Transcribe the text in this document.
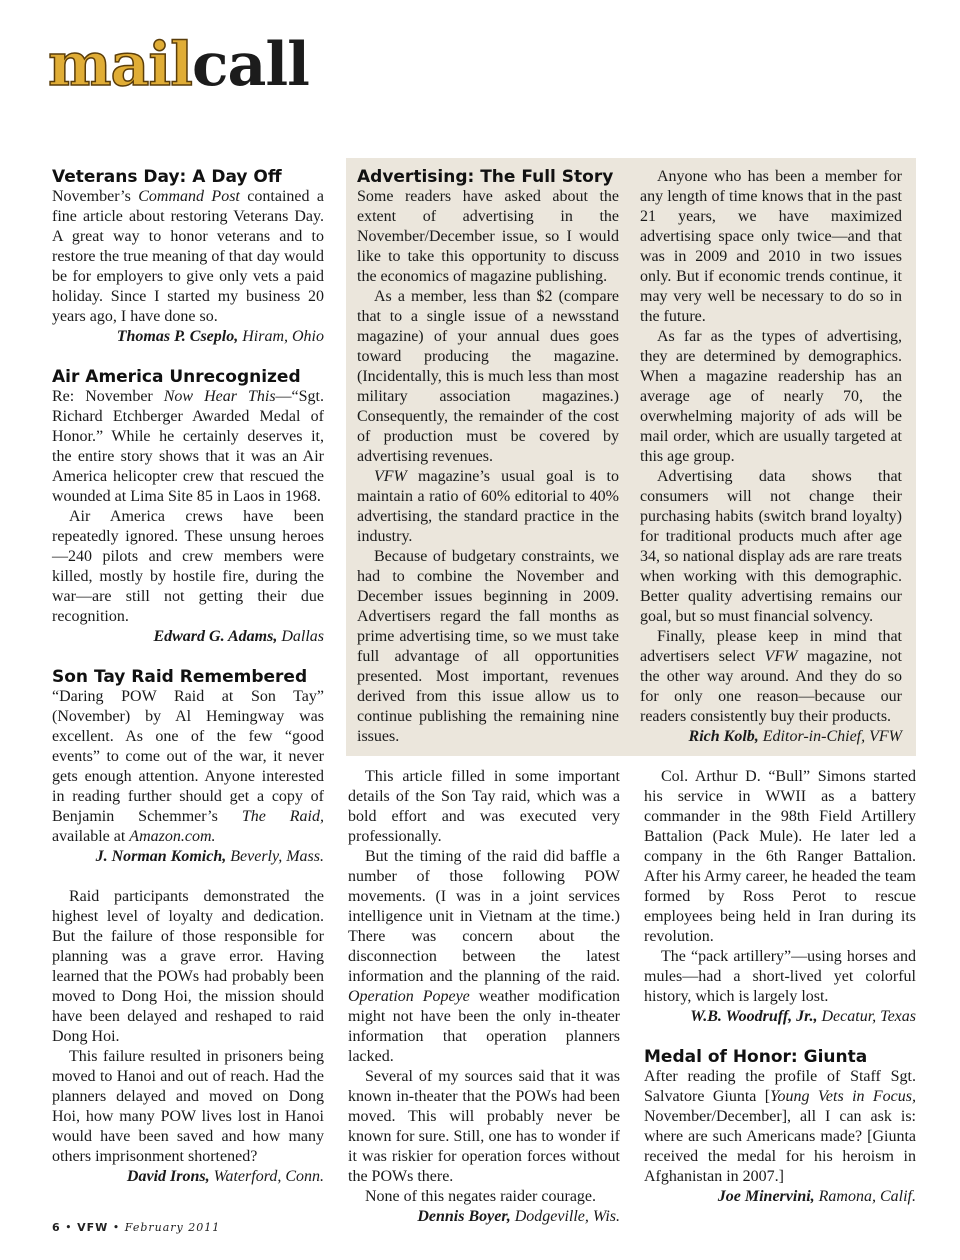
mailcall
Veterans Day: A Day Off

November’s Command Post contained a fine article about restoring Veterans Day. A great way to honor veterans and to restore the true meaning of that day would be for employers to give only vets a paid holiday. Since I started my business 20 years ago, I have done so.

Thomas P. Cseplo, Hiram, Ohio

Air America Unrecognized

Re: November Now Hear This—“Sgt. Richard Etchberger Awarded Medal of Honor.” While he certainly deserves it, the entire story shows that it was an Air America helicopter crew that rescued the wounded at Lima Site 85 in Laos in 1968.

Air America crews have been repeatedly ignored. These unsung heroes—240 pilots and crew members were killed, mostly by hostile fire, during the war—are still not getting their due recognition.

Edward G. Adams, Dallas

Son Tay Raid Remembered

“Daring POW Raid at Son Tay” (November) by Al Hemingway was excellent. As one of the few “good events” to come out of the war, it never gets enough attention. Anyone interested in reading further should get a copy of Benjamin Schemmer’s The Raid, available at Amazon.com.

J. Norman Komich, Beverly, Mass.

Raid participants demonstrated the highest level of loyalty and dedication. But the failure of those responsible for planning was a grave error. Having learned that the POWs had probably been moved to Dong Hoi, the mission should have been delayed and reshaped to raid Dong Hoi.

This failure resulted in prisoners being moved to Hanoi and out of reach. Had the planners delayed and moved on Dong Hoi, how many POW lives lost in Hanoi would have been saved and how many others imprisonment shortened?

David Irons, Waterford, Conn.

Advertising: The Full Story

Some readers have asked about the extent of advertising in the November/December issue, so I would like to take this opportunity to discuss the economics of magazine publishing.

As a member, less than $2 (compare that to a single issue of a newsstand magazine) of your annual dues goes toward producing the magazine. (Incidentally, this is much less than most military association magazines.) Consequently, the remainder of the cost of production must be covered by advertising revenues.

VFW magazine’s usual goal is to maintain a ratio of 60% editorial to 40% advertising, the standard practice in the industry.

Because of budgetary constraints, we had to combine the November and December issues beginning in 2009. Advertisers regard the fall months as prime advertising time, so we must take full advantage of all opportunities presented. Most important, revenues derived from this issue allow us to continue publishing the remaining nine issues.

Anyone who has been a member for any length of time knows that in the past 21 years, we have maximized advertising space only twice—and that was in 2009 and 2010 in two issues only. But if economic trends continue, it may very well be necessary to do so in the future.

As far as the types of advertising, they are determined by demographics. When a magazine readership has an average age of nearly 70, the overwhelming majority of ads will be mail order, which are usually targeted at this age group.

Advertising data shows that consumers will not change their purchasing habits (switch brand loyalty) for traditional products much after age 34, so national display ads are rare treats when working with this demographic. Better quality advertising remains our goal, but so must financial solvency.

Finally, please keep in mind that advertisers select VFW magazine, not the other way around. And they do so for only one reason—because our readers consistently buy their products.

Rich Kolb, Editor-in-Chief, VFW

This article filled in some important details of the Son Tay raid, which was a bold effort and was executed very professionally.

But the timing of the raid did baffle a number of those following POW movements. (I was in a joint services intelligence unit in Vietnam at the time.) There was concern about the disconnection between the latest information and the planning of the raid. Operation Popeye weather modification might not have been the only in-theater information that operation planners lacked.

Several of my sources said that it was known in-theater that the POWs had been moved. This will probably never be known for sure. Still, one has to wonder if it was riskier for operation forces without the POWs there.

None of this negates raider courage.

Dennis Boyer, Dodgeville, Wis.

Col. Arthur D. “Bull” Simons started his service in WWII as a battery commander in the 98th Field Artillery Battalion (Pack Mule). He later led a company in the 6th Ranger Battalion. After his Army career, he headed the team formed by Ross Perot to rescue employees being held in Iran during its revolution.

The “pack artillery”—using horses and mules—had a short-lived yet colorful history, which is largely lost.

W.B. Woodruff, Jr., Decatur, Texas

Medal of Honor: Giunta

After reading the profile of Staff Sgt. Salvatore Giunta [Young Vets in Focus, November/December], all I can ask is: where are such Americans made? [Giunta received the medal for his heroism in Afghanistan in 2007.]

Joe Minervini, Ramona, Calif.

6 • VFW • February 2011
